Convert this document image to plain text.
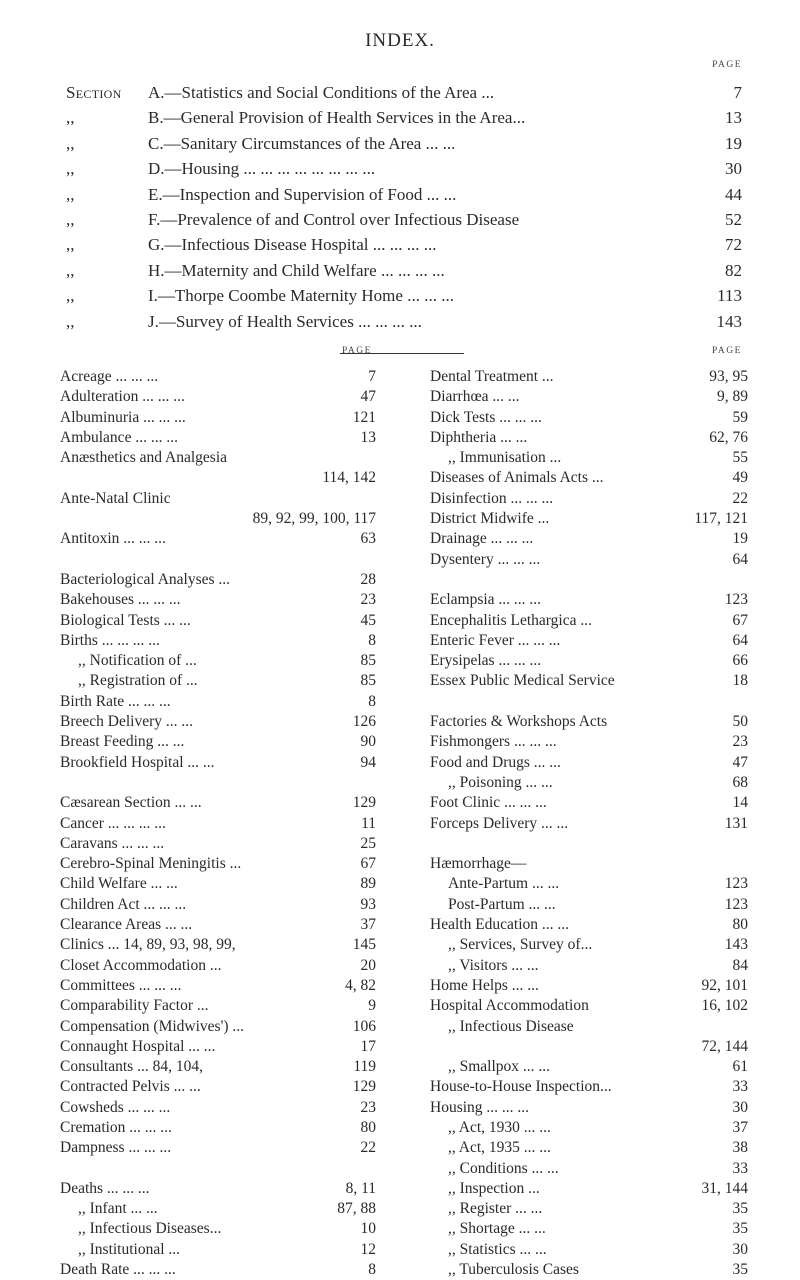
INDEX.
PAGE
Section A.—Statistics and Social Conditions of the Area ...	7
,,	B.—General Provision of Health Services in the Area...	13
,,	C.—Sanitary Circumstances of the Area ... ...	19
,,	D.—Housing ... ... ... ... ... ... ... ...	30
,,	E.—Inspection and Supervision of Food ... ...	44
,,	F.—Prevalence of and Control over Infectious Disease	52
,,	G.—Infectious Disease Hospital ... ... ... ...	72
,,	H.—Maternity and Child Welfare ... ... ... ...	82
,,	I.—Thorpe Coombe Maternity Home ... ... ...	113
,,	J.—Survey of Health Services ... ... ... ...	143
PAGE	PAGE
Acreage ... ... ...	7
Adulteration ... ... ...	47
Albuminuria ... ... ...	121
Ambulance ... ... ...	13
Anæsthetics and Analgesia
114, 142
Ante-Natal Clinic
89, 92, 99, 100, 117
Antitoxin ... ... ...	63
Bacteriological Analyses ...	28
Bakehouses ... ... ...	23
Biological Tests ... ...	45
Births ... ... ... ...	8
,, Notification of ...	85
,, Registration of ...	85
Birth Rate ... ... ...	8
Breech Delivery ... ...	126
Breast Feeding ... ...	90
Brookfield Hospital ... ...	94
Cæsarean Section ... ...	129
Cancer ... ... ... ...	11
Caravans ... ... ...	25
Cerebro-Spinal Meningitis ...	67
Child Welfare ... ...	89
Children Act ... ... ...	93
Clearance Areas ... ...	37
Clinics ... 14, 89, 93, 98, 99,	145
Closet Accommodation ...	20
Committees ... ... ...	4, 82
Comparability Factor ...	9
Compensation (Midwives') ...	106
Connaught Hospital ... ...	17
Consultants ... 84, 104,	119
Contracted Pelvis ... ...	129
Cowsheds ... ... ...	23
Cremation ... ... ...	80
Dampness ... ... ...	22
Deaths ... ... ...	8, 11
,, Infant ... ...	87, 88
,, Infectious Diseases...	10
,, Institutional ...	12
Death Rate ... ... ...	8
Dental Treatment ...	93, 95
Diarrhœa ... ...	9, 89
Dick Tests ... ... ...	59
Diphtheria ... ...	62, 76
,, Immunisation ...	55
Diseases of Animals Acts ...	49
Disinfection ... ... ...	22
District Midwife ...	117, 121
Drainage ... ... ...	19
Dysentery ... ... ...	64
Eclampsia ... ... ...	123
Encephalitis Lethargica ...	67
Enteric Fever ... ... ...	64
Erysipelas ... ... ...	66
Essex Public Medical Service	18
Factories & Workshops Acts	50
Fishmongers ... ... ...	23
Food and Drugs ... ...	47
,, Poisoning ... ...	68
Foot Clinic ... ... ...	14
Forceps Delivery ... ...	131
Hæmorrhage—
Ante-Partum ... ...	123
Post-Partum ... ...	123
Health Education ... ...	80
,, Services, Survey of...	143
,, Visitors ... ...	84
Home Helps ... ...	92, 101
Hospital Accommodation	16, 102
,, Infectious Disease
72, 144
,, Smallpox ... ...	61
House-to-House Inspection...	33
Housing ... ... ...	30
,, Act, 1930 ... ...	37
,, Act, 1935 ... ...	38
,, Conditions ... ...	33
,, Inspection ...	31, 144
,, Register ... ...	35
,, Shortage ... ...	35
,, Statistics ... ...	30
,, Tuberculosis Cases	35
